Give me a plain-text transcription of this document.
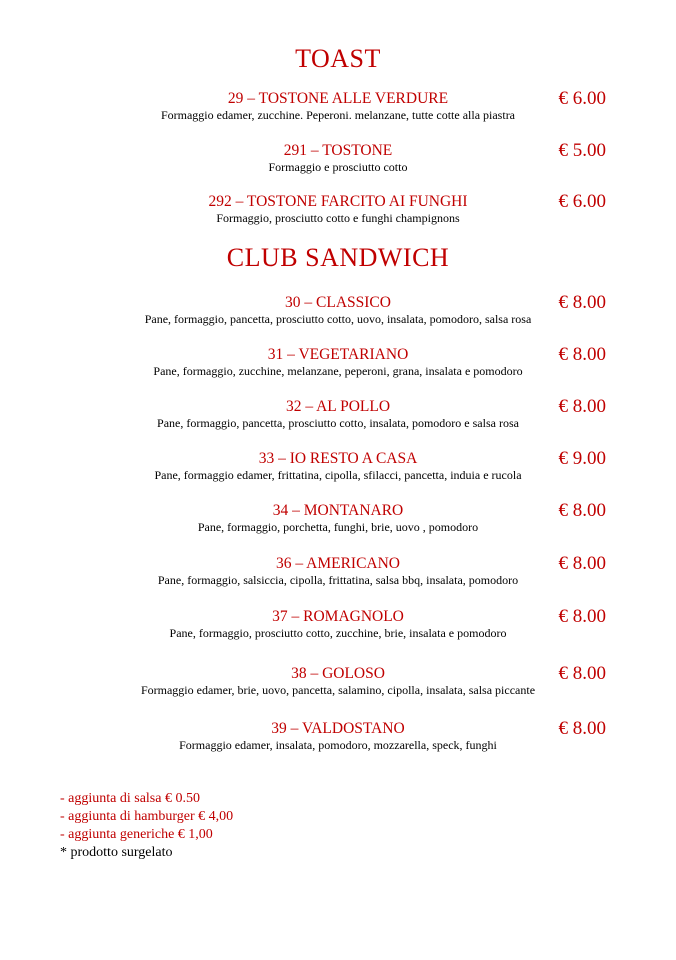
TOAST
29 – TOSTONE ALLE VERDURE
Formaggio edamer, zucchine. Peperoni. melanzane, tutte cotte alla piastra
€ 6.00
291 – TOSTONE
Formaggio e prosciutto cotto
€ 5.00
292 – TOSTONE FARCITO AI FUNGHI
Formaggio, prosciutto cotto e funghi champignons
€ 6.00
CLUB SANDWICH
30 – CLASSICO
Pane, formaggio, pancetta, prosciutto cotto, uovo, insalata, pomodoro, salsa rosa
€ 8.00
31 – VEGETARIANO
Pane, formaggio, zucchine, melanzane, peperoni, grana, insalata e pomodoro
€ 8.00
32 – AL POLLO
Pane, formaggio, pancetta, prosciutto cotto, insalata, pomodoro e salsa rosa
€ 8.00
33 – IO RESTO A CASA
Pane, formaggio edamer, frittatina, cipolla, sfilacci, pancetta, induia e rucola
€ 9.00
34 – MONTANARO
Pane, formaggio, porchetta, funghi, brie, uovo , pomodoro
€ 8.00
36 – AMERICANO
Pane, formaggio, salsiccia, cipolla, frittatina, salsa bbq, insalata, pomodoro
€ 8.00
37 – ROMAGNOLO
Pane, formaggio, prosciutto cotto, zucchine, brie, insalata e pomodoro
€ 8.00
38 – GOLOSO
Formaggio edamer, brie, uovo, pancetta, salamino, cipolla, insalata, salsa piccante
€ 8.00
39 – VALDOSTANO
Formaggio edamer, insalata, pomodoro, mozzarella, speck, funghi
€ 8.00
- aggiunta di salsa € 0.50
- aggiunta di hamburger € 4,00
- aggiunta generiche € 1,00
* prodotto surgelato
